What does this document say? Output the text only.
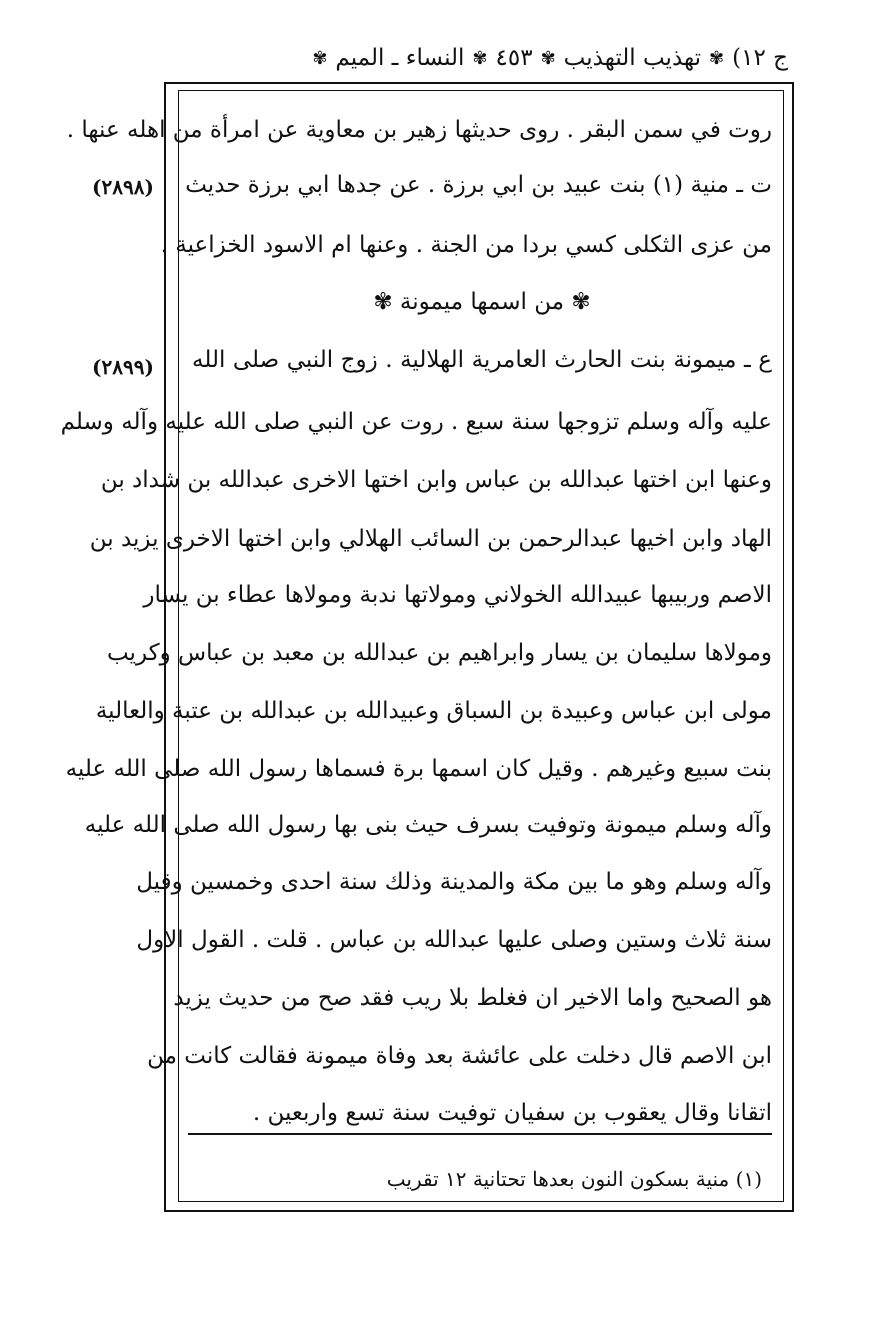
ج ١٢)
✾
تهذيب التهذيب
✾
٤٥٣
✾
النساء ـ الميم
✾
روت في سمن البقر . روى حديثها زهير بن معاوية عن امرأة من اهله عنها .
ت ـ منية (١) بنت عبيد بن ابي برزة . عن جدها ابي برزة حديث
(٢٨٩٨)
من عزى الثكلى كسي بردا من الجنة . وعنها ام الاسود الخزاعية .
✾ من اسمها ميمونة ✾
ع ـ ميمونة بنت الحارث العامرية الهلالية . زوج النبي صلى الله
(٢٨٩٩)
عليه وآله وسلم تزوجها سنة سبع . روت عن النبي صلى الله عليه وآله وسلم
وعنها ابن اختها عبدالله بن عباس وابن اختها الاخرى عبدالله بن شداد بن
الهاد وابن اخيها عبدالرحمن بن السائب الهلالي وابن اختها الاخرى يزيد بن
الاصم وربيبها عبيدالله الخولاني ومولاتها ندبة ومولاها عطاء بن يسار
ومولاها سليمان بن يسار وابراهيم بن عبدالله بن معبد بن عباس وكريب
مولى ابن عباس وعبيدة بن السباق وعبيدالله بن عبدالله بن عتبة والعالية
بنت سبيع وغيرهم . وقيل كان اسمها برة فسماها رسول الله صلى الله عليه
وآله وسلم ميمونة وتوفيت بسرف حيث بنى بها رسول الله صلى الله عليه
وآله وسلم وهو ما بين مكة والمدينة وذلك سنة احدى وخمسين وقيل
سنة ثلاث وستين وصلى عليها عبدالله بن عباس . قلت . القول الاول
هو الصحيح واما الاخير ان فغلط بلا ريب فقد صح من حديث يزيد
ابن الاصم قال دخلت على عائشة بعد وفاة ميمونة فقالت كانت من
اتقانا وقال يعقوب بن سفيان توفيت سنة تسع واربعين .
(١) منية بسكون النون بعدها تحتانية ١٢ تقريب
